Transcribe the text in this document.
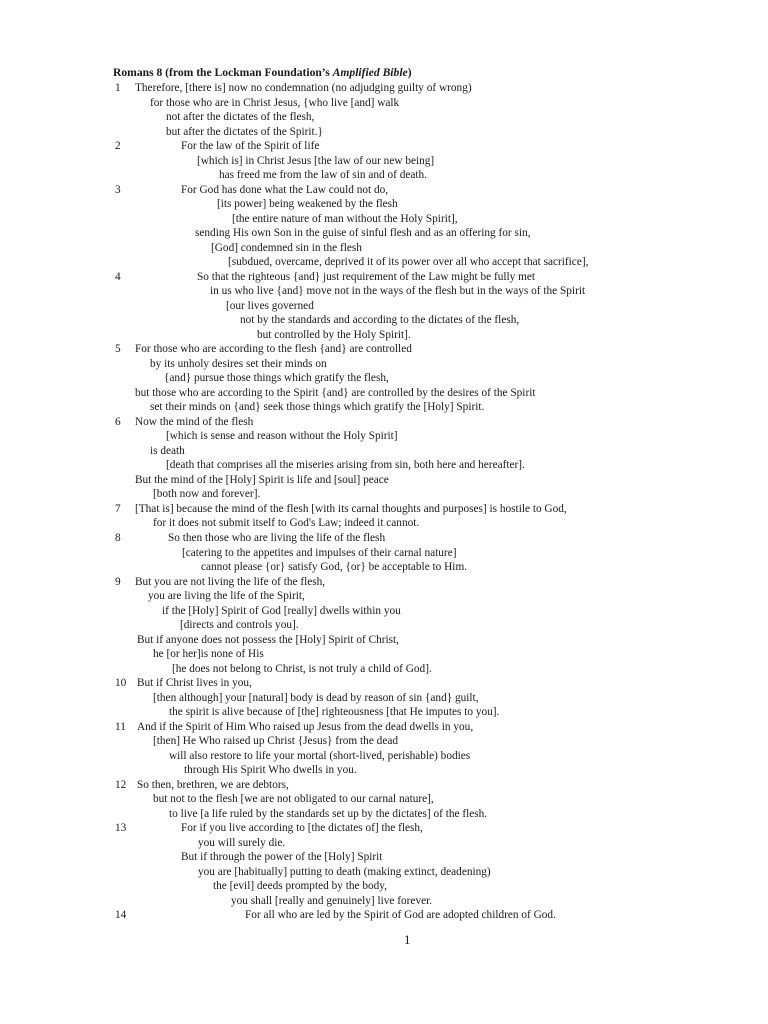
Romans 8 (from the Lockman Foundation’s Amplified Bible)
1 Therefore, [there is] now no condemnation (no adjudging guilty of wrong)
for those who are in Christ Jesus, {who live [and] walk
not after the dictates of the flesh,
but after the dictates of the Spirit.}
2	For the law of the Spirit of life
[which is] in Christ Jesus [the law of our new being]
has freed me from the law of sin and of death.
3	For God has done what the Law could not do,
[its power] being weakened by the flesh
[the entire nature of man without the Holy Spirit],
sending His own Son in the guise of sinful flesh and as an offering for sin,
[God] condemned sin in the flesh
[subdued, overcame, deprived it of its power over all who accept that sacrifice],
4	So that the righteous {and} just requirement of the Law might be fully met
in us who live {and} move not in the ways of the flesh but in the ways of the Spirit
[our lives governed
not by the standards and according to the dictates of the flesh,
but controlled by the Holy Spirit].
5 For those who are according to the flesh {and} are controlled
by its unholy desires set their minds on
{and} pursue those things which gratify the flesh,
but those who are according to the Spirit {and} are controlled by the desires of the Spirit
set their minds on {and} seek those things which gratify the [Holy] Spirit.
6 Now the mind of the flesh
[which is sense and reason without the Holy Spirit]
is death
[death that comprises all the miseries arising from sin, both here and hereafter].
But the mind of the [Holy] Spirit is life and [soul] peace
[both now and forever].
7 [That is] because the mind of the flesh [with its carnal thoughts and purposes] is hostile to God,
for it does not submit itself to God's Law; indeed it cannot.
8	So then those who are living the life of the flesh
[catering to the appetites and impulses of their carnal nature]
cannot please {or} satisfy God, {or} be acceptable to Him.
9 But you are not living the life of the flesh,
you are living the life of the Spirit,
if the [Holy] Spirit of God [really] dwells within you
[directs and controls you].
But if anyone does not possess the [Holy] Spirit of Christ,
he [or her]is none of His
[he does not belong to Christ, is not truly a child of God].
10 But if Christ lives in you,
[then although] your [natural] body is dead by reason of sin {and} guilt,
the spirit is alive because of [the] righteousness [that He imputes to you].
11 And if the Spirit of Him Who raised up Jesus from the dead dwells in you,
[then] He Who raised up Christ {Jesus} from the dead
will also restore to life your mortal (short-lived, perishable) bodies
through His Spirit Who dwells in you.
12 So then, brethren, we are debtors,
but not to the flesh [we are not obligated to our carnal nature],
to live [a life ruled by the standards set up by the dictates] of the flesh.
13	For if you live according to [the dictates of] the flesh,
you will surely die.
But if through the power of the [Holy] Spirit
you are [habitually] putting to death (making extinct, deadening)
the [evil] deeds prompted by the body,
you shall [really and genuinely] live forever.
14	For all who are led by the Spirit of God are adopted children of God.
1
